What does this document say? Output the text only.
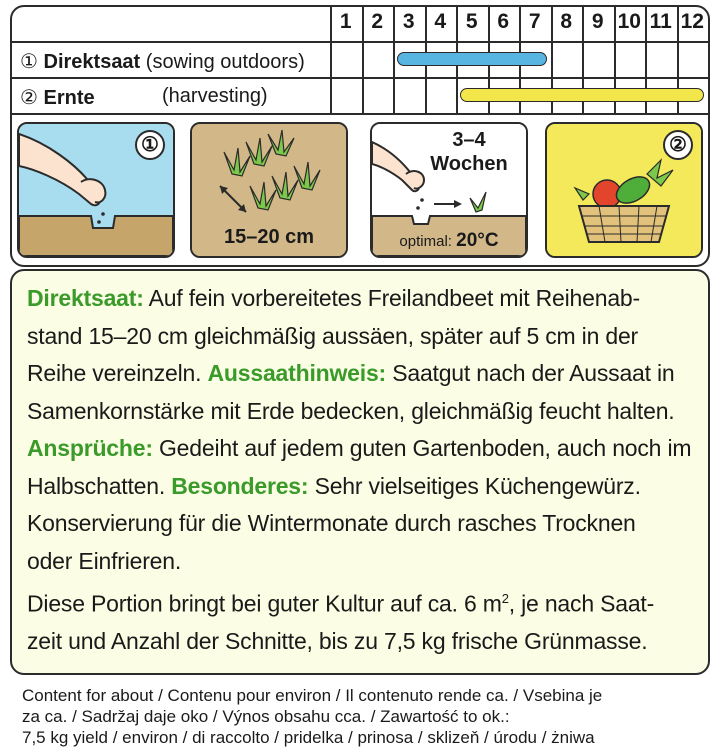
1 2 3 4 5 6 7 8 9 10 11 12
① Direktsaat (sowing outdoors)
② Ernte	(harvesting)
①
15–20 cm
3–4
Wochen
optimal: 20°C
②
Direktsaat: Auf fein vorbereitetes Freilandbeet mit Reihenab-
stand 15–20 cm gleichmäßig aussäen, später auf 5 cm in der
Reihe vereinzeln. Aussaathinweis: Saatgut nach der Aussaat in
Samenkornstärke mit Erde bedecken, gleichmäßig feucht halten.
Ansprüche: Gedeiht auf jedem guten Gartenboden, auch noch im
Halbschatten. Besonderes: Sehr vielseitiges Küchengewürz.
Konservierung für die Wintermonate durch rasches Trocknen
oder Einfrieren.
Diese Portion bringt bei guter Kultur auf ca. 6 $m^2$, je nach Saat-
zeit und Anzahl der Schnitte, bis zu 7,5 kg frische Grünmasse.
Content for about / Contenu pour environ / Il contenuto rende ca. / Vsebina je
za ca. / Sadržaj daje oko / Výnos obsahu cca. / Zawartość to ok.:
7,5 kg yield / environ / di raccolto / pridelka / prinosa / sklizeň / úrodu / żniwa
